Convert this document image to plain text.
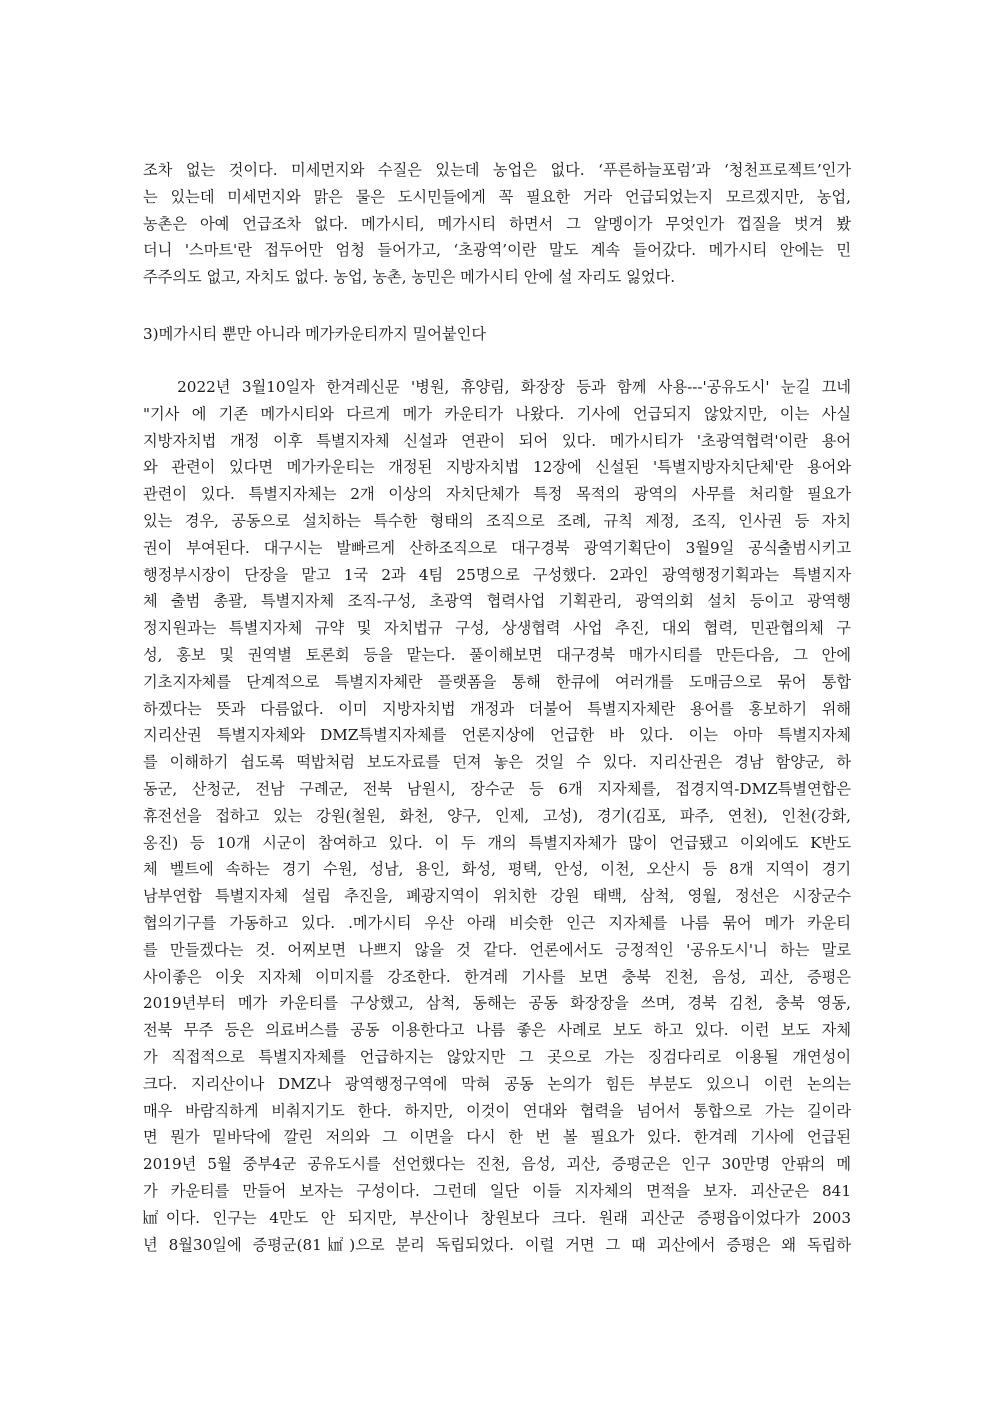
조차 없는 것이다. 미세먼지와 수질은 있는데 농업은 없다. ‘푸른하늘포럼’과 ‘청천프로젝트’인가
는 있는데 미세먼지와 맑은 물은 도시민들에게 꼭 필요한 거라 언급되었는지 모르겠지만, 농업,
농촌은 아예 언급조차 없다. 메가시티, 메가시티 하면서 그 알멩이가 무엇인가 껍질을 벗겨 봤
더니 '스마트'란 접두어만 엄청 들어가고, ‘초광역’이란 말도 계속 들어갔다. 메가시티 안에는 민
주주의도 없고, 자치도 없다. 농업, 농촌, 농민은 메가시티 안에 설 자리도 잃었다.
3)메가시티 뿐만 아니라 메가카운티까지 밀어붙인다
2022년 3월10일자 한겨레신문 '병원, 휴양림, 화장장 등과 함께 사용---'공유도시' 눈길 끄네
"기사 에 기존 메가시티와 다르게 메가 카운티가 나왔다. 기사에 언급되지 않았지만, 이는 사실
지방자치법 개정 이후 특별지자체 신설과 연관이 되어 있다. 메가시티가 '초광역협력'이란 용어
와 관련이 있다면 메가카운티는 개정된 지방자치법 12장에 신설된 '특별지방자치단체'란 용어와
관련이 있다. 특별지자체는 2개 이상의 자치단체가 특정 목적의 광역의 사무를 처리할 필요가
있는 경우, 공동으로 설치하는 특수한 형태의 조직으로 조례, 규칙 제정, 조직, 인사권 등 자치
권이 부여된다. 대구시는 발빠르게 산하조직으로 대구경북 광역기획단이 3월9일 공식출범시키고
행정부시장이 단장을 맡고 1국 2과 4팀 25명으로 구성했다. 2과인 광역행정기획과는 특별지자
체 출범 총괄, 특별지자체 조직-구성, 초광역 협력사업 기획관리, 광역의회 설치 등이고 광역행
정지원과는 특별지자체 규약 및 자치법규 구성, 상생협력 사업 추진, 대외 협력, 민관협의체 구
성, 홍보 및 권역별 토론회 등을 맡는다. 풀이해보면 대구경북 매가시티를 만든다음, 그 안에
기초지자체를 단계적으로 특별지자체란 플랫폼을 통해 한큐에 여러개를 도매금으로 묶어 통합
하겠다는 뜻과 다름없다. 이미 지방자치법 개정과 더불어 특별지자체란 용어를 홍보하기 위해
지리산권 특별지자체와 DMZ특별지자체를 언론지상에 언급한 바 있다. 이는 아마 특별지자체
를 이해하기 쉽도록 떡밥처럼 보도자료를 던져 놓은 것일 수 있다. 지리산권은 경남 함양군, 하
동군, 산청군, 전남 구례군, 전북 남원시, 장수군 등 6개 지자체를, 접경지역-DMZ특별연합은
휴전선을 접하고 있는 강원(철원, 화천, 양구, 인제, 고성), 경기(김포, 파주, 연천), 인천(강화,
옹진) 등 10개 시군이 참여하고 있다. 이 두 개의 특별지자체가 많이 언급됐고 이외에도 K반도
체 벨트에 속하는 경기 수원, 성남, 용인, 화성, 평택, 안성, 이천, 오산시 등 8개 지역이 경기
남부연합 특별지자체 설립 추진을, 폐광지역이 위치한 강원 태백, 삼척, 영월, 정선은 시장군수
협의기구를 가동하고 있다. .메가시티 우산 아래 비슷한 인근 지자체를 나름 묶어 메가 카운티
를 만들겠다는 것. 어찌보면 나쁘지 않을 것 같다. 언론에서도 긍정적인 '공유도시'니 하는 말로
사이좋은 이웃 지자체 이미지를 강조한다. 한겨레 기사를 보면 충북 진천, 음성, 괴산, 증평은
2019년부터 메가 카운티를 구상했고, 삼척, 동해는 공동 화장장을 쓰며, 경북 김천, 충북 영동,
전북 무주 등은 의료버스를 공동 이용한다고 나름 좋은 사례로 보도 하고 있다. 이런 보도 자체
가 직접적으로 특별지자체를 언급하지는 않았지만 그 곳으로 가는 징검다리로 이용될 개연성이
크다. 지리산이나 DMZ나 광역행정구역에 막혀 공동 논의가 힘든 부분도 있으니 이런 논의는
매우 바람직하게 비춰지기도 한다. 하지만, 이것이 연대와 협력을 넘어서 통합으로 가는 길이라
면 뭔가 밑바닥에 깔린 저의와 그 이면을 다시 한 번 볼 필요가 있다. 한겨레 기사에 언급된
2019년 5월 중부4군 공유도시를 선언했다는 진천, 음성, 괴산, 증평군은 인구 30만명 안팎의 메
가 카운티를 만들어 보자는 구성이다. 그런데 일단 이들 지자체의 면적을 보자. 괴산군은 841
㎢이다. 인구는 4만도 안 되지만, 부산이나 창원보다 크다. 원래 괴산군 증평읍이었다가 2003
년 8월30일에 증평군(81㎢)으로 분리 독립되었다. 이럴 거면 그 때 괴산에서 증평은 왜 독립하
